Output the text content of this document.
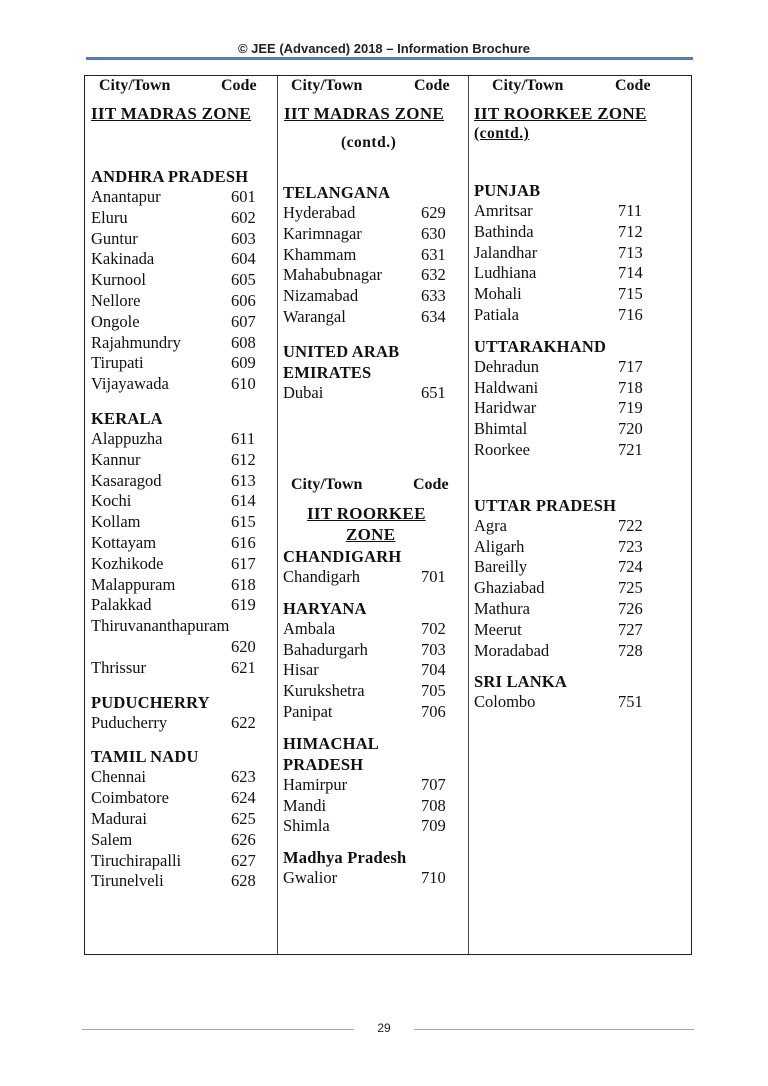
© JEE (Advanced) 2018 – Information Brochure
City/Town	Code
IIT MADRAS ZONE
ANDHRA PRADESH
Anantapur	601
Eluru	602
Guntur	603
Kakinada	604
Kurnool	605
Nellore	606
Ongole	607
Rajahmundry	608
Tirupati	609
Vijayawada	610
KERALA
Alappuzha	611
Kannur	612
Kasaragod	613
Kochi	614
Kollam	615
Kottayam	616
Kozhikode	617
Malappuram	618
Palakkad	619
Thiruvananthapuram
620
Thrissur	621
PUDUCHERRY
Puducherry	622
TAMIL NADU
Chennai	623
Coimbatore	624
Madurai	625
Salem	626
Tiruchirapalli	627
Tirunelveli	628
City/Town	Code
IIT MADRAS ZONE
(contd.)
TELANGANA
Hyderabad	629
Karimnagar	630
Khammam	631
Mahabubnagar 632
Nizamabad	633
Warangal	634
UNITED ARAB
EMIRATES
Dubai	651
City/Town	Code
IIT ROORKEE
ZONE
CHANDIGARH
Chandigarh	701
HARYANA
Ambala	702
Bahadurgarh	703
Hisar	704
Kurukshetra	705
Panipat	706
HIMACHAL
PRADESH
Hamirpur	707
Mandi	708
Shimla	709
Madhya Pradesh
Gwalior	710
City/Town	Code
IIT ROORKEE ZONE
(contd.)
PUNJAB
Amritsar	711
Bathinda	712
Jalandhar	713
Ludhiana	714
Mohali	715
Patiala	716
UTTARAKHAND
Dehradun	717
Haldwani	718
Haridwar	719
Bhimtal	720
Roorkee	721
UTTAR PRADESH
Agra	722
Aligarh	723
Bareilly	724
Ghaziabad	725
Mathura	726
Meerut	727
Moradabad	728
SRI LANKA
Colombo	751
29
